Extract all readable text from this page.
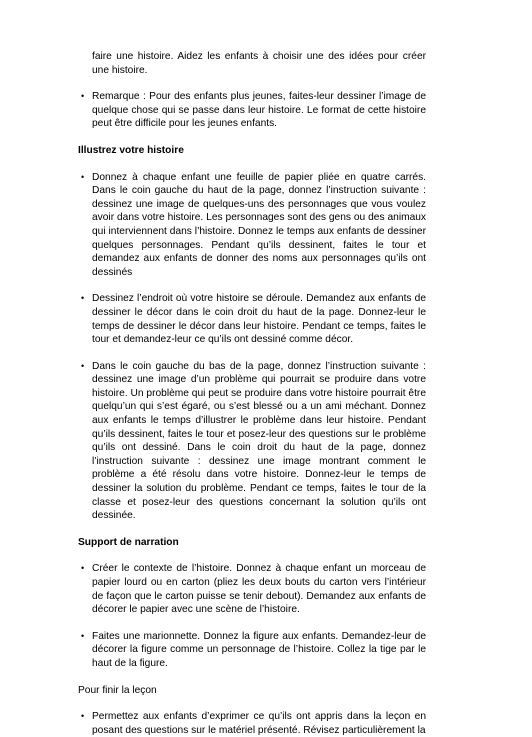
faire une histoire. Aidez les enfants à choisir une des idées pour créer une histoire.

• Remarque : Pour des enfants plus jeunes, faites-leur dessiner l’image de quelque chose qui se passe dans leur histoire. Le format de cette histoire peut être difficile pour les jeunes enfants.

Illustrez votre histoire

• Donnez à chaque enfant une feuille de papier pliée en quatre carrés. Dans le coin gauche du haut de la page, donnez l’instruction suivante : dessinez une image de quelques-uns des personnages que vous voulez avoir dans votre histoire. Les personnages sont des gens ou des animaux qui interviennent dans l’histoire. Donnez le temps aux enfants de dessiner quelques personnages. Pendant qu’ils dessinent, faites le tour et demandez aux enfants de donner des noms aux personnages qu’ils ont dessinés
• Dessinez l’endroit où votre histoire se déroule. Demandez aux enfants de dessiner le décor dans le coin droit du haut de la page. Donnez-leur le temps de dessiner le décor dans leur histoire. Pendant ce temps, faites le tour et demandez-leur ce qu’ils ont dessiné comme décor.
• Dans le coin gauche du bas de la page, donnez l’instruction suivante : dessinez une image d’un problème qui pourrait se produire dans votre histoire. Un problème qui peut se produire dans votre histoire pourrait être quelqu’un qui s’est égaré, ou s’est blessé ou a un ami méchant. Donnez aux enfants le temps d’illustrer le problème dans leur histoire. Pendant qu’ils dessinent, faites le tour et posez-leur des questions sur le problème qu’ils ont dessiné. Dans le coin droit du haut de la page, donnez l’instruction suivante : dessinez une image montrant comment le problème a été résolu dans votre histoire. Donnez-leur le temps de dessiner la solution du problème. Pendant ce temps, faites le tour de la classe et posez-leur des questions concernant la solution qu’ils ont dessinée.

Support de narration

• Créer le contexte de l’histoire. Donnez à chaque enfant un morceau de papier lourd ou en carton (pliez les deux bouts du carton vers l’intérieur de façon que le carton puisse se tenir debout). Demandez aux enfants de décorer le papier avec une scène de l’histoire.
• Faites une marionnette. Donnez la figure aux enfants. Demandez-leur de décorer la figure comme un personnage de l’histoire. Collez la tige par le haut de la figure.

Pour finir la leçon

• Permettez aux enfants d’exprimer ce qu’ils ont appris dans la leçon en posant des questions sur le matériel présenté. Révisez particulièrement la
